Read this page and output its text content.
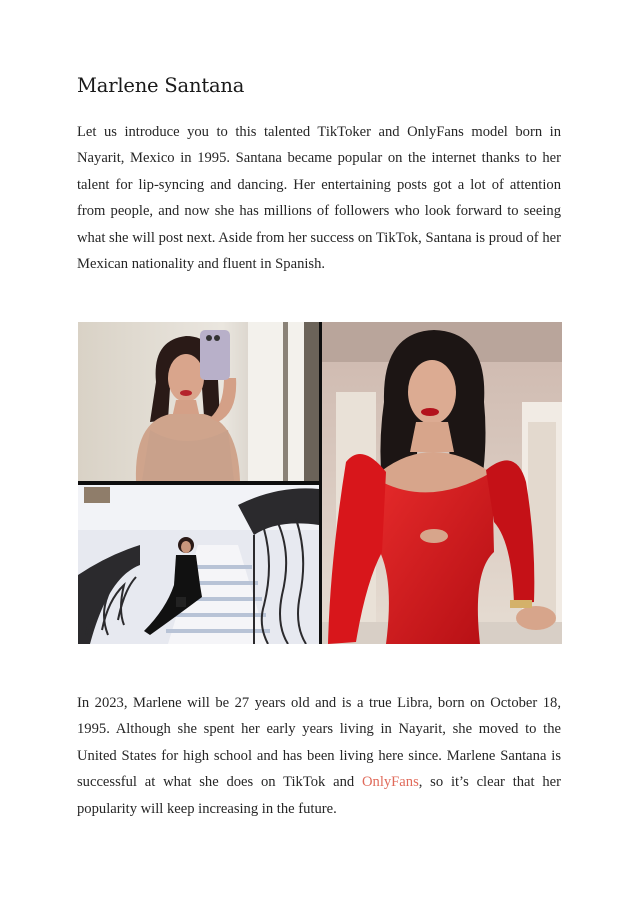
Marlene Santana

Let us introduce you to this talented TikToker and OnlyFans model born in Nayarit, Mexico in 1995. Santana became popular on the internet thanks to her talent for lip-syncing and dancing. Her entertaining posts got a lot of attention from people, and now she has millions of followers who look forward to seeing what she will post next. Aside from her success on TikTok, Santana is proud of her Mexican nationality and fluent in Spanish.

In 2023, Marlene will be 27 years old and is a true Libra, born on October 18, 1995. Although she spent her early years living in Nayarit, she moved to the United States for high school and has been living here since. Marlene Santana is successful at what she does on TikTok and OnlyFans, so it’s clear that her popularity will keep increasing in the future.
